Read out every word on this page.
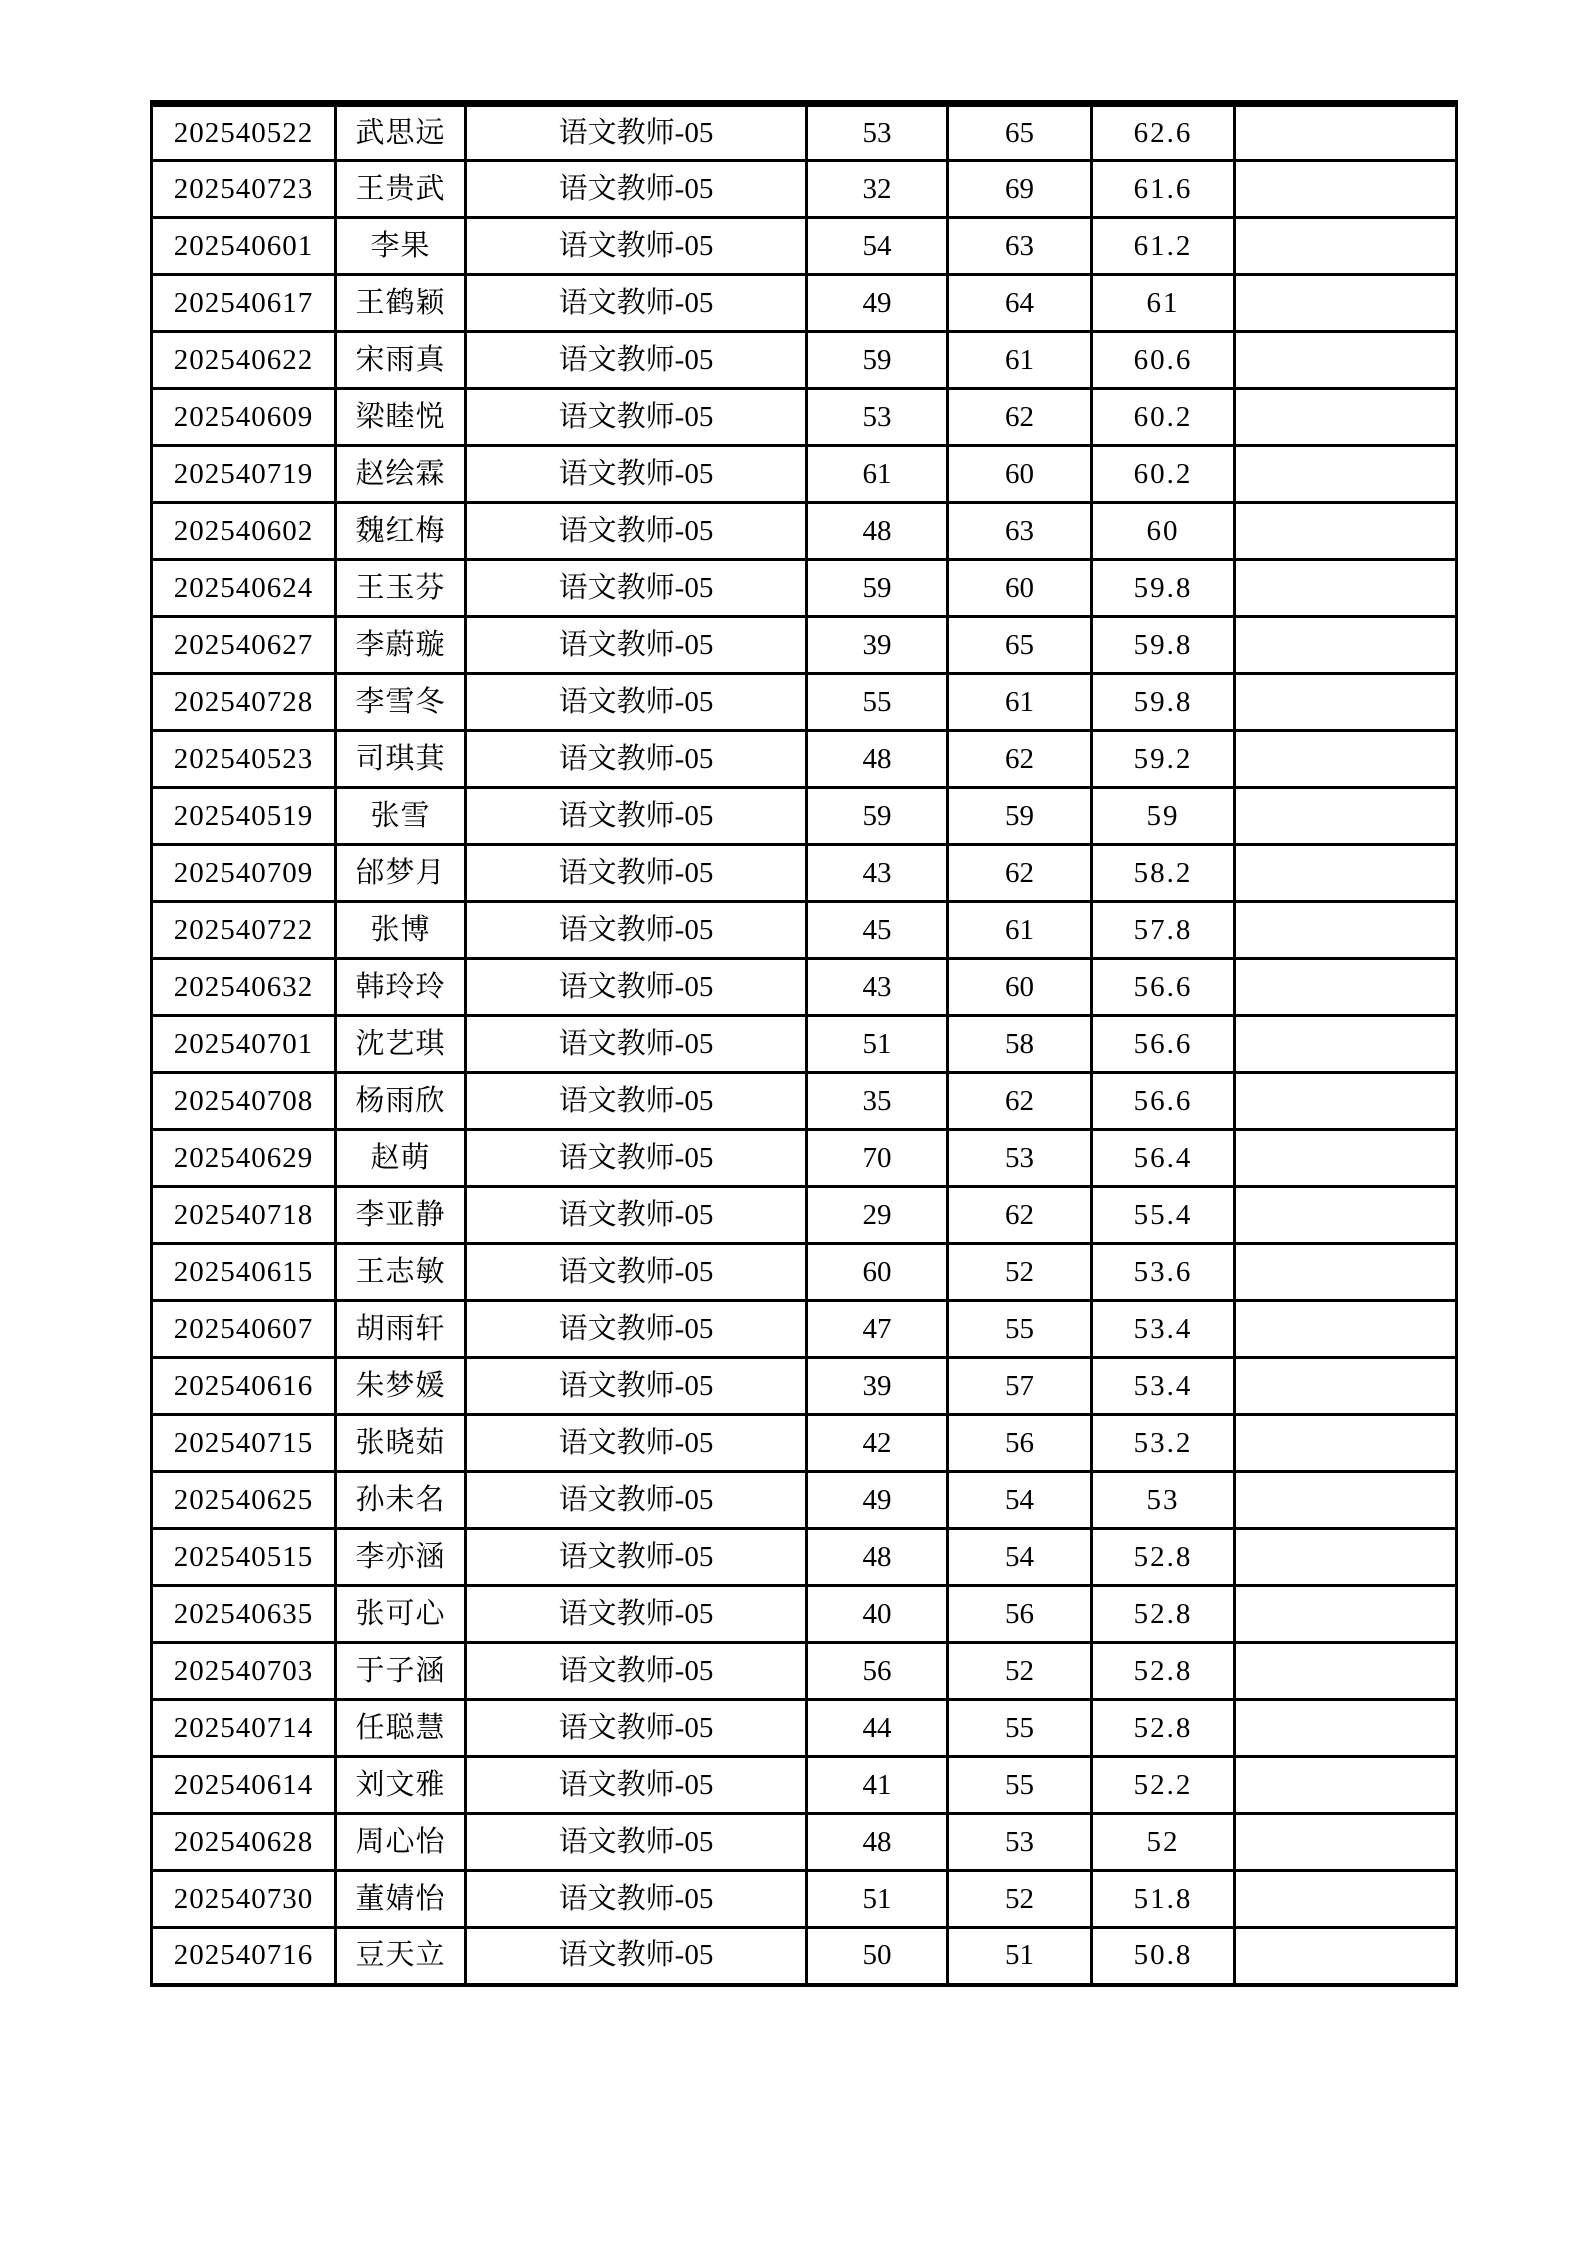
202540522	武思远	语文教师-05	53	65	62.6	
202540723	王贵武	语文教师-05	32	69	61.6	
202540601	李果	语文教师-05	54	63	61.2	
202540617	王鹤颖	语文教师-05	49	64	61	
202540622	宋雨真	语文教师-05	59	61	60.6	
202540609	梁睦悦	语文教师-05	53	62	60.2	
202540719	赵绘霖	语文教师-05	61	60	60.2	
202540602	魏红梅	语文教师-05	48	63	60	
202540624	王玉芬	语文教师-05	59	60	59.8	
202540627	李蔚璇	语文教师-05	39	65	59.8	
202540728	李雪冬	语文教师-05	55	61	59.8	
202540523	司琪萁	语文教师-05	48	62	59.2	
202540519	张雪	语文教师-05	59	59	59	
202540709	邰梦月	语文教师-05	43	62	58.2	
202540722	张博	语文教师-05	45	61	57.8	
202540632	韩玲玲	语文教师-05	43	60	56.6	
202540701	沈艺琪	语文教师-05	51	58	56.6	
202540708	杨雨欣	语文教师-05	35	62	56.6	
202540629	赵萌	语文教师-05	70	53	56.4	
202540718	李亚静	语文教师-05	29	62	55.4	
202540615	王志敏	语文教师-05	60	52	53.6	
202540607	胡雨轩	语文教师-05	47	55	53.4	
202540616	朱梦媛	语文教师-05	39	57	53.4	
202540715	张晓茹	语文教师-05	42	56	53.2	
202540625	孙未名	语文教师-05	49	54	53	
202540515	李亦涵	语文教师-05	48	54	52.8	
202540635	张可心	语文教师-05	40	56	52.8	
202540703	于子涵	语文教师-05	56	52	52.8	
202540714	任聪慧	语文教师-05	44	55	52.8	
202540614	刘文雅	语文教师-05	41	55	52.2	
202540628	周心怡	语文教师-05	48	53	52	
202540730	董婧怡	语文教师-05	51	52	51.8	
202540716	豆天立	语文教师-05	50	51	50.8	
